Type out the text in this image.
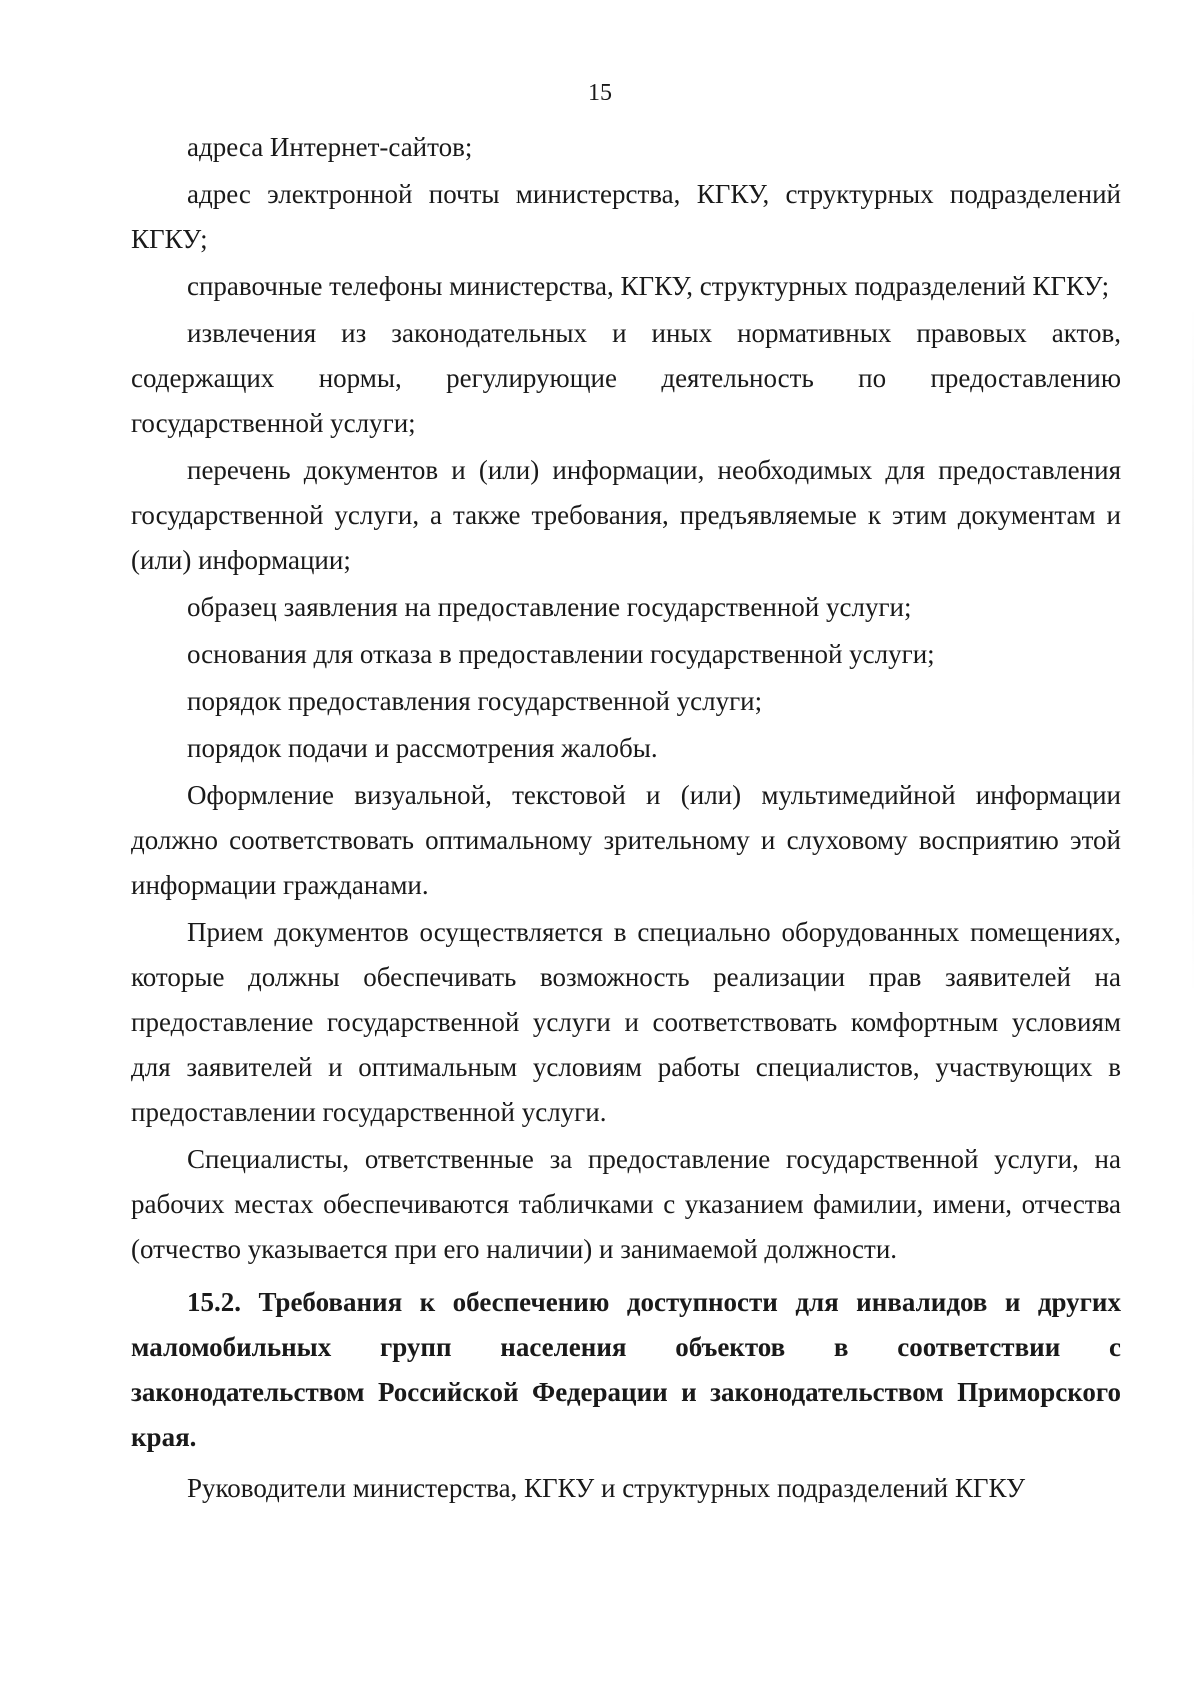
15

адреса Интернет-сайтов;

адрес электронной почты министерства, КГКУ, структурных подразделений КГКУ;

справочные телефоны министерства, КГКУ, структурных подразделений КГКУ;

извлечения из законодательных и иных нормативных правовых актов, содержащих нормы, регулирующие деятельность по предоставлению государственной услуги;

перечень документов и (или) информации, необходимых для предоставления государственной услуги, а также требования, предъявляемые к этим документам и (или) информации;

образец заявления на предоставление государственной услуги;

основания для отказа в предоставлении государственной услуги;

порядок предоставления государственной услуги;

порядок подачи и рассмотрения жалобы.

Оформление визуальной, текстовой и (или) мультимедийной информации должно соответствовать оптимальному зрительному и слуховому восприятию этой информации гражданами.

Прием документов осуществляется в специально оборудованных помещениях, которые должны обеспечивать возможность реализации прав заявителей на предоставление государственной услуги и соответствовать комфортным условиям для заявителей и оптимальным условиям работы специалистов, участвующих в предоставлении государственной услуги.

Специалисты, ответственные за предоставление государственной услуги, на рабочих местах обеспечиваются табличками с указанием фамилии, имени, отчества (отчество указывается при его наличии) и занимаемой должности.

15.2. Требования к обеспечению доступности для инвалидов и других маломобильных групп населения объектов в соответствии с законодательством Российской Федерации и законодательством Приморского края.

Руководители министерства, КГКУ и структурных подразделений КГКУ
